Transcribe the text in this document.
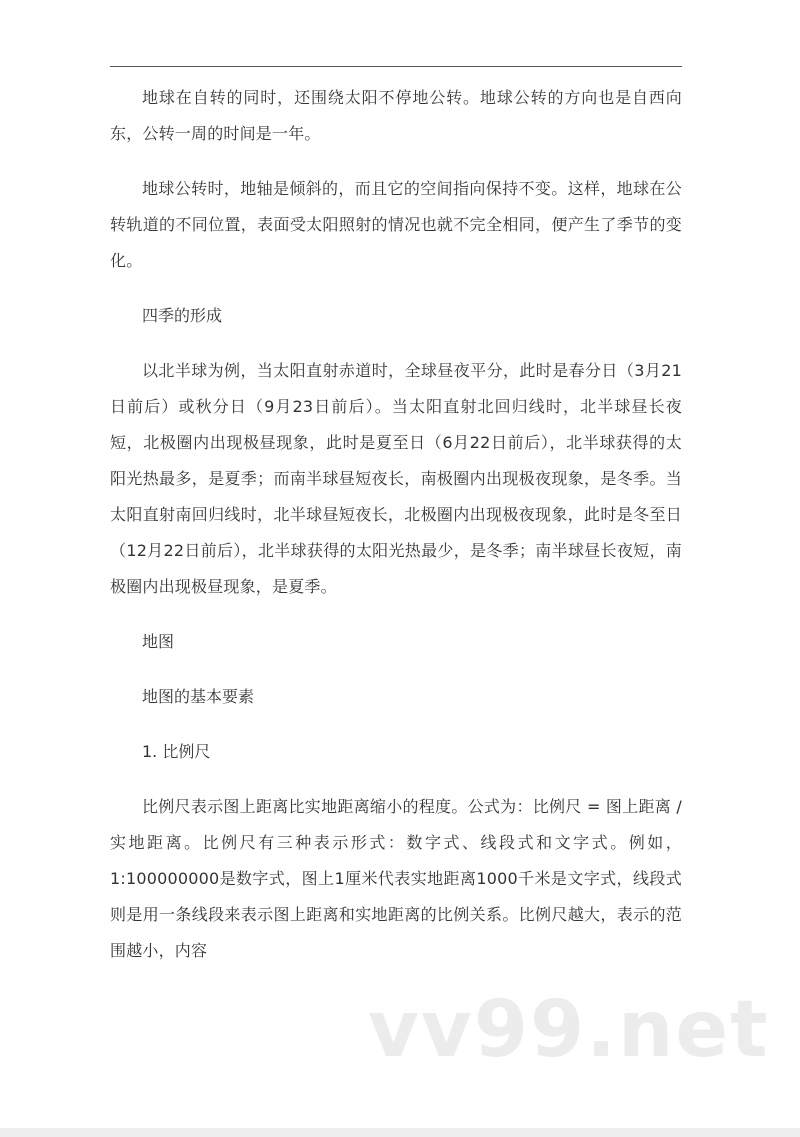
地球在自转的同时，还围绕太阳不停地公转。地球公转的方向也是自西向东，公转一周的时间是一年。

地球公转时，地轴是倾斜的，而且它的空间指向保持不变。这样，地球在公转轨道的不同位置，表面受太阳照射的情况也就不完全相同，便产生了季节的变化。

四季的形成

以北半球为例，当太阳直射赤道时，全球昼夜平分，此时是春分日（3月21日前后）或秋分日（9月23日前后）。当太阳直射北回归线时，北半球昼长夜短，北极圈内出现极昼现象，此时是夏至日（6月22日前后），北半球获得的太阳光热最多，是夏季；而南半球昼短夜长，南极圈内出现极夜现象，是冬季。当太阳直射南回归线时，北半球昼短夜长，北极圈内出现极夜现象，此时是冬至日（12月22日前后），北半球获得的太阳光热最少，是冬季；南半球昼长夜短，南极圈内出现极昼现象，是夏季。

地图

地图的基本要素

1. 比例尺

比例尺表示图上距离比实地距离缩小的程度。公式为：比例尺 = 图上距离 / 实地距离。比例尺有三种表示形式：数字式、线段式和文字式。例如，1:100000000是数字式，图上1厘米代表实地距离1000千米是文字式，线段式则是用一条线段来表示图上距离和实地距离的比例关系。比例尺越大，表示的范围越小，内容

vv99.net
